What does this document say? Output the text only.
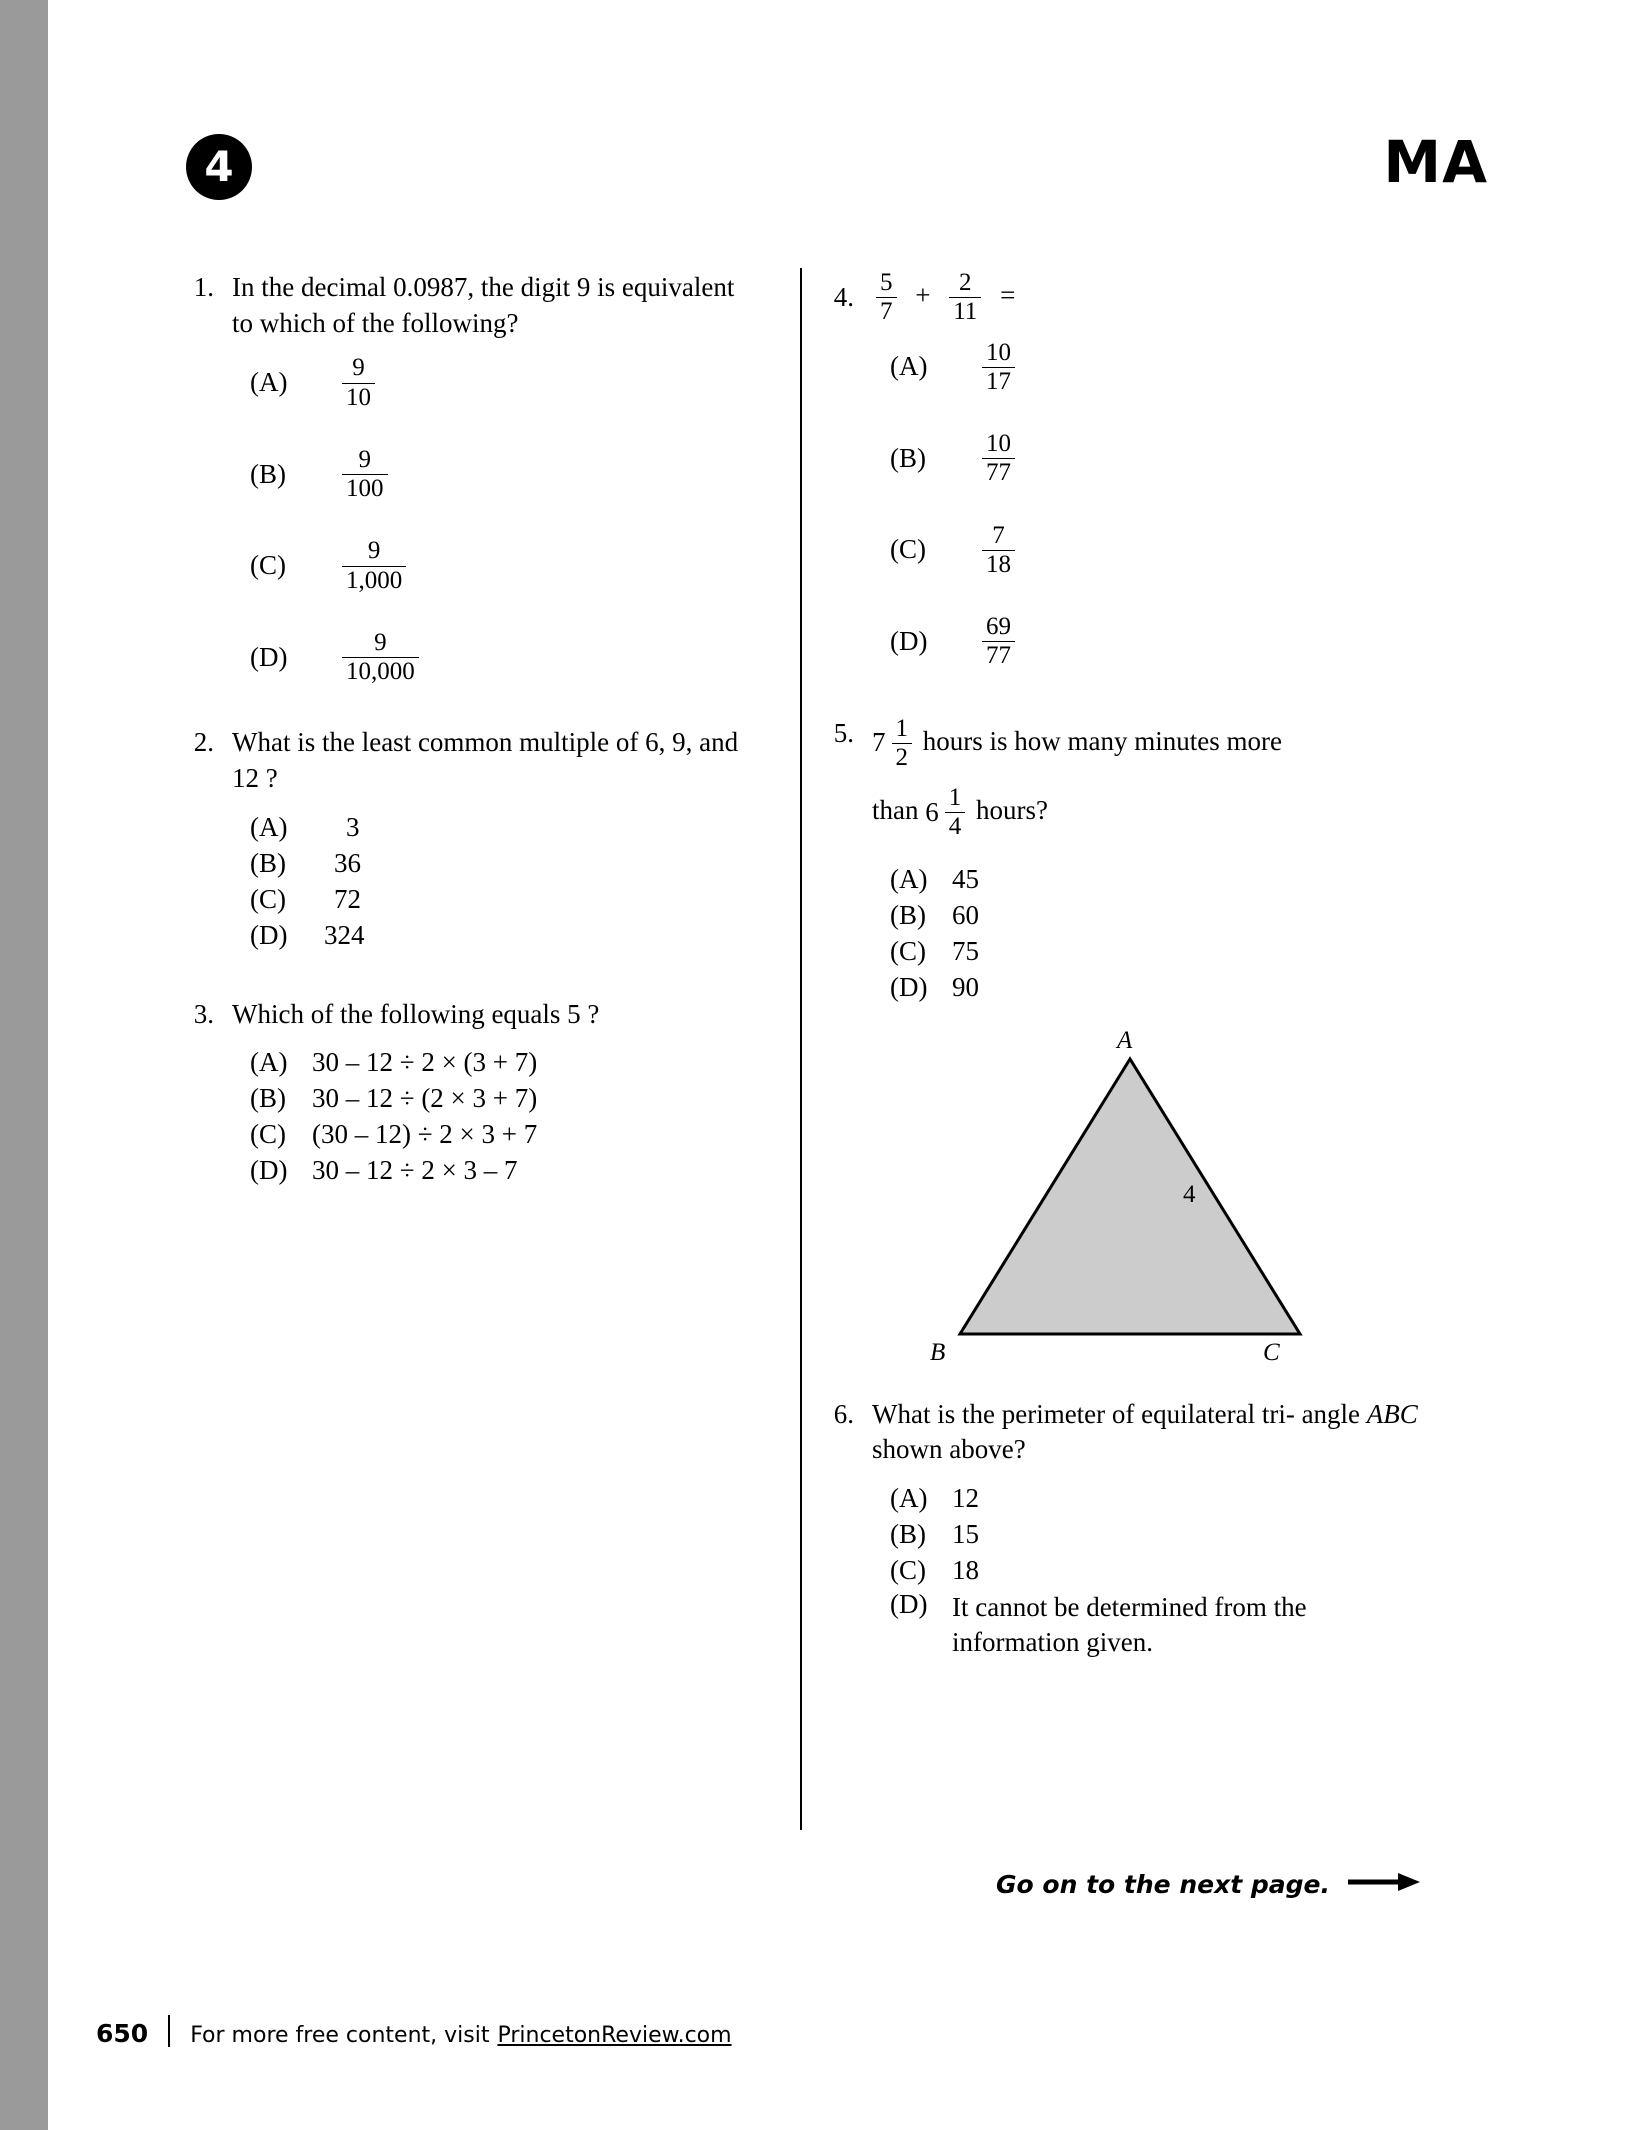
4	MA
1. In the decimal 0.0987, the digit 9 is equivalent to which of the following?
(A)	$\frac{9}{10}$
(B)	$\frac{9}{100}$
(C)	$\frac{9}{1,000}$
(D)	$\frac{9}{10,000}$
2. What is the least common multiple of 6, 9, and 12 ?
(A)	3
(B)	36
(C)	72
(D)	324
3. Which of the following equals 5 ?
(A) 30 – 12 ÷ 2 × (3 + 7)
(B) 30 – 12 ÷ (2 × 3 + 7)
(C) (30 – 12) ÷ 2 × 3 + 7
(D) 30 – 12 ÷ 2 × 3 – 7
4. $\frac{5}{7} + \frac{2}{11}$ =
(A)	$\frac{10}{17}$
(B)	$\frac{10}{77}$
(C)	$\frac{7}{18}$
(D)	$\frac{69}{77}$
5. $7 \frac{1}{2}$ hours is how many minutes more
than $6 \frac{1}{4}$ hours?
(A) 45
(B) 60
(C) 75
(D) 90
A
B	C
4
6. What is the perimeter of equilateral tri- angle ABC shown above?
(A) 12
(B) 15
(C) 18
(D) It cannot be determined from the information given.
Go on to the next page.
650 For more free content, visit PrincetonReview.com
